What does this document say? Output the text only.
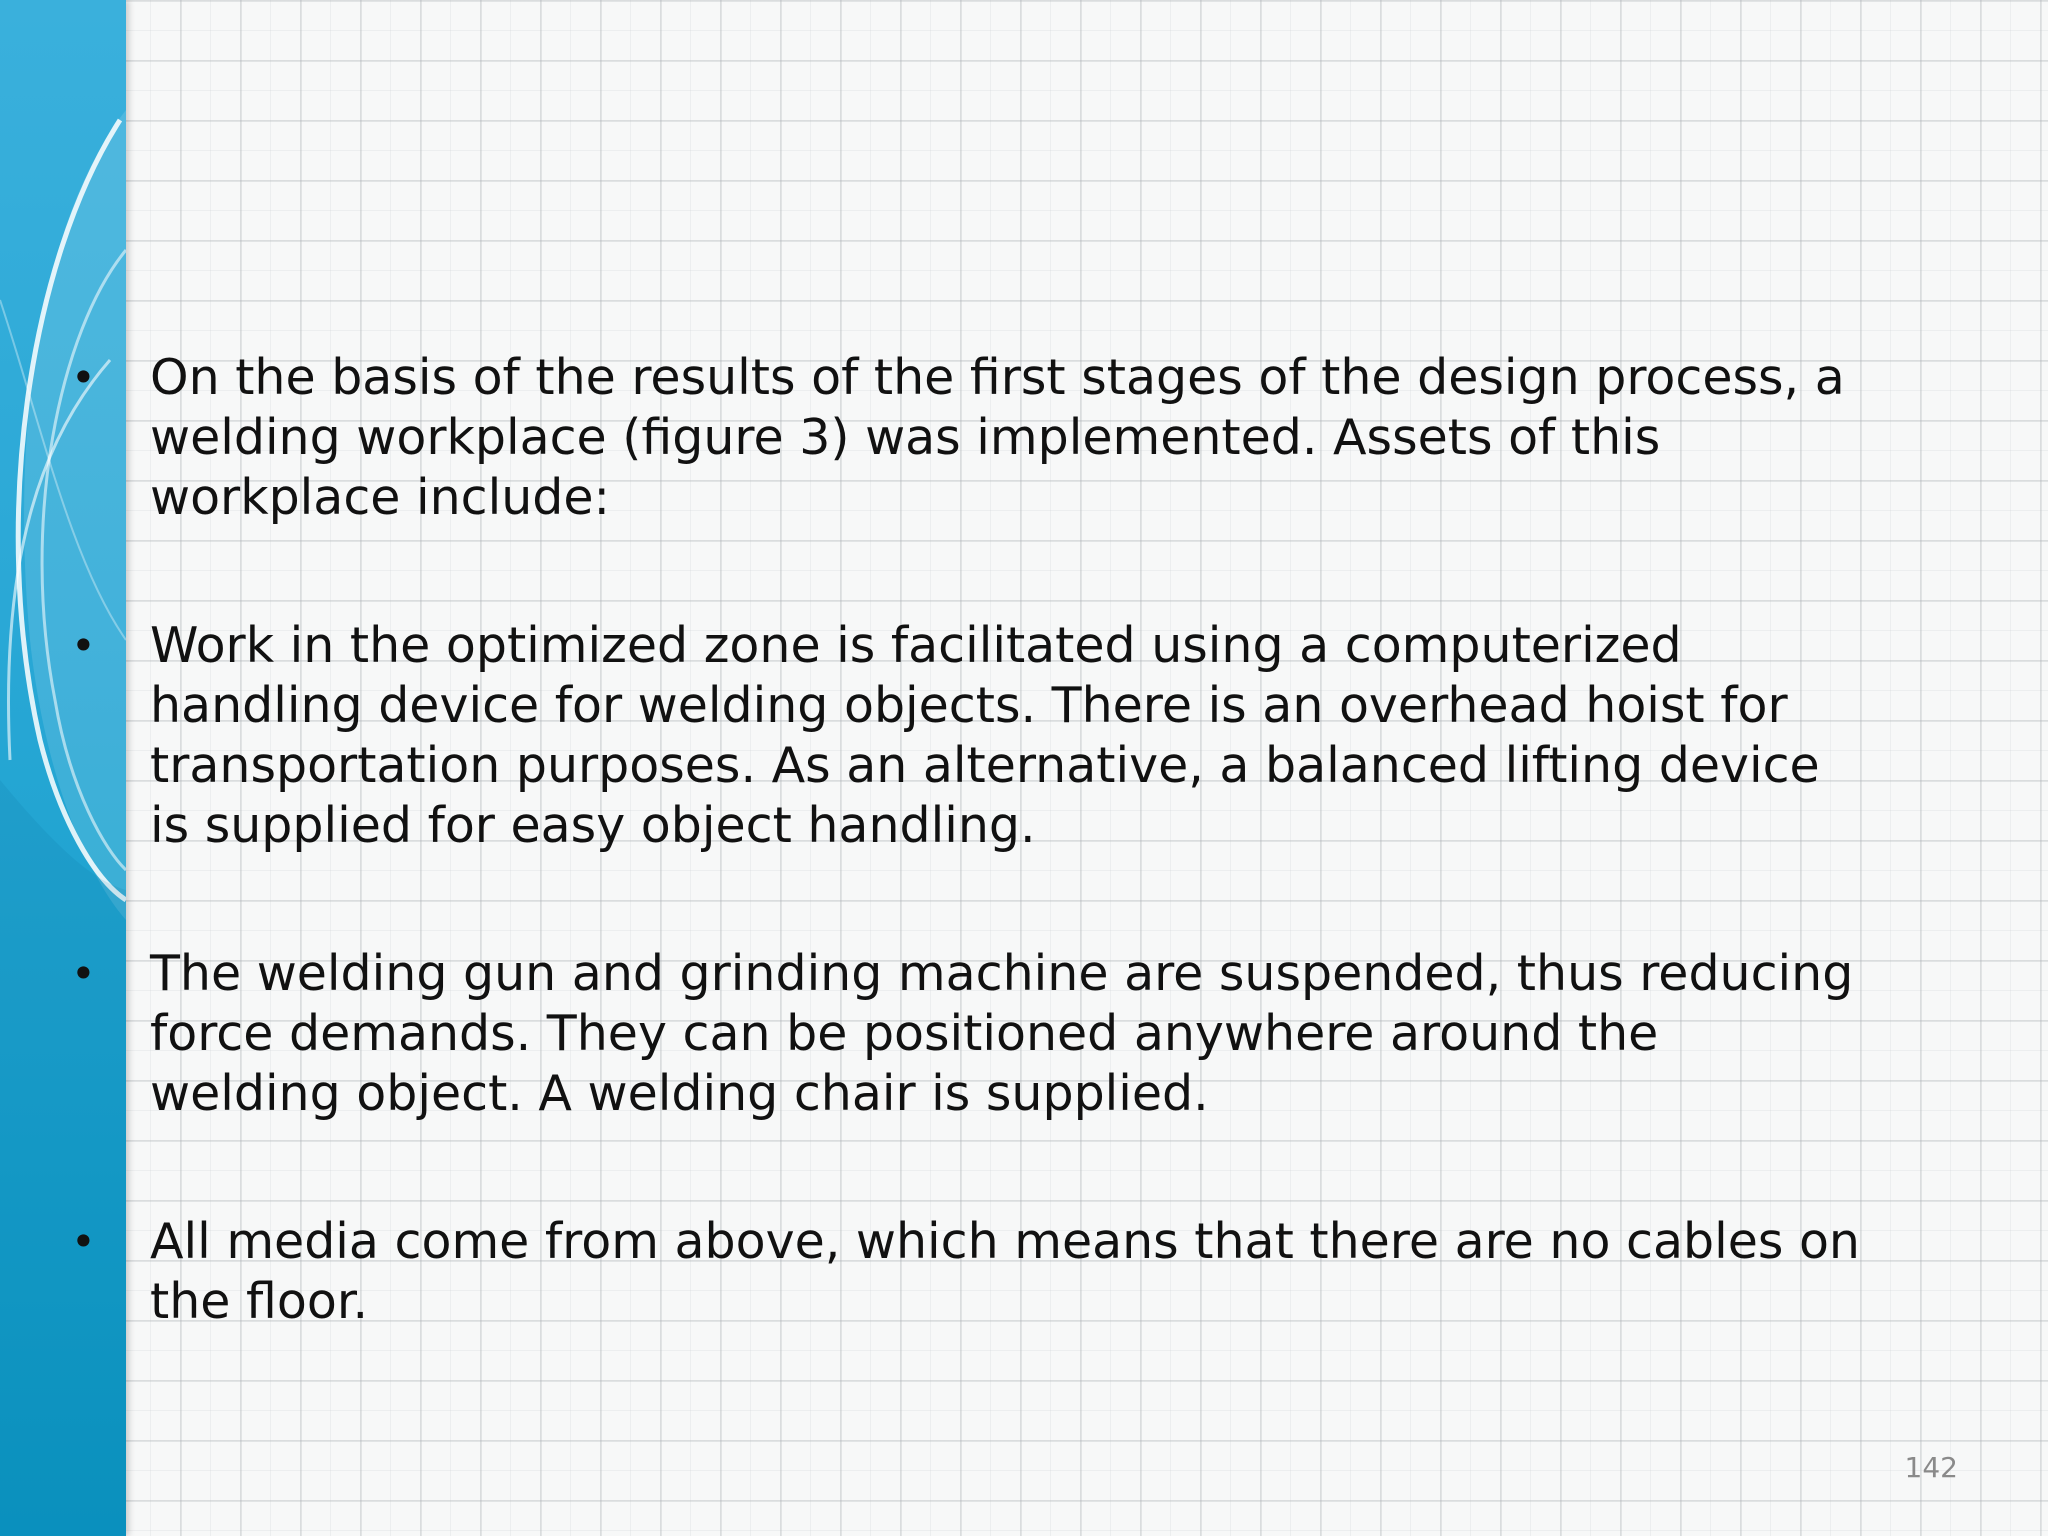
• On the basis of the results of the first stages of the design process, a
welding workplace (figure 3) was implemented. Assets of this
workplace include:
• Work in the optimized zone is facilitated using a computerized
handling device for welding objects. There is an overhead hoist for
transportation purposes. As an alternative, a balanced lifting device
is supplied for easy object handling.
• The welding gun and grinding machine are suspended, thus reducing
force demands. They can be positioned anywhere around the
welding object. A welding chair is supplied.
• All media come from above, which means that there are no cables on
the floor.
142
